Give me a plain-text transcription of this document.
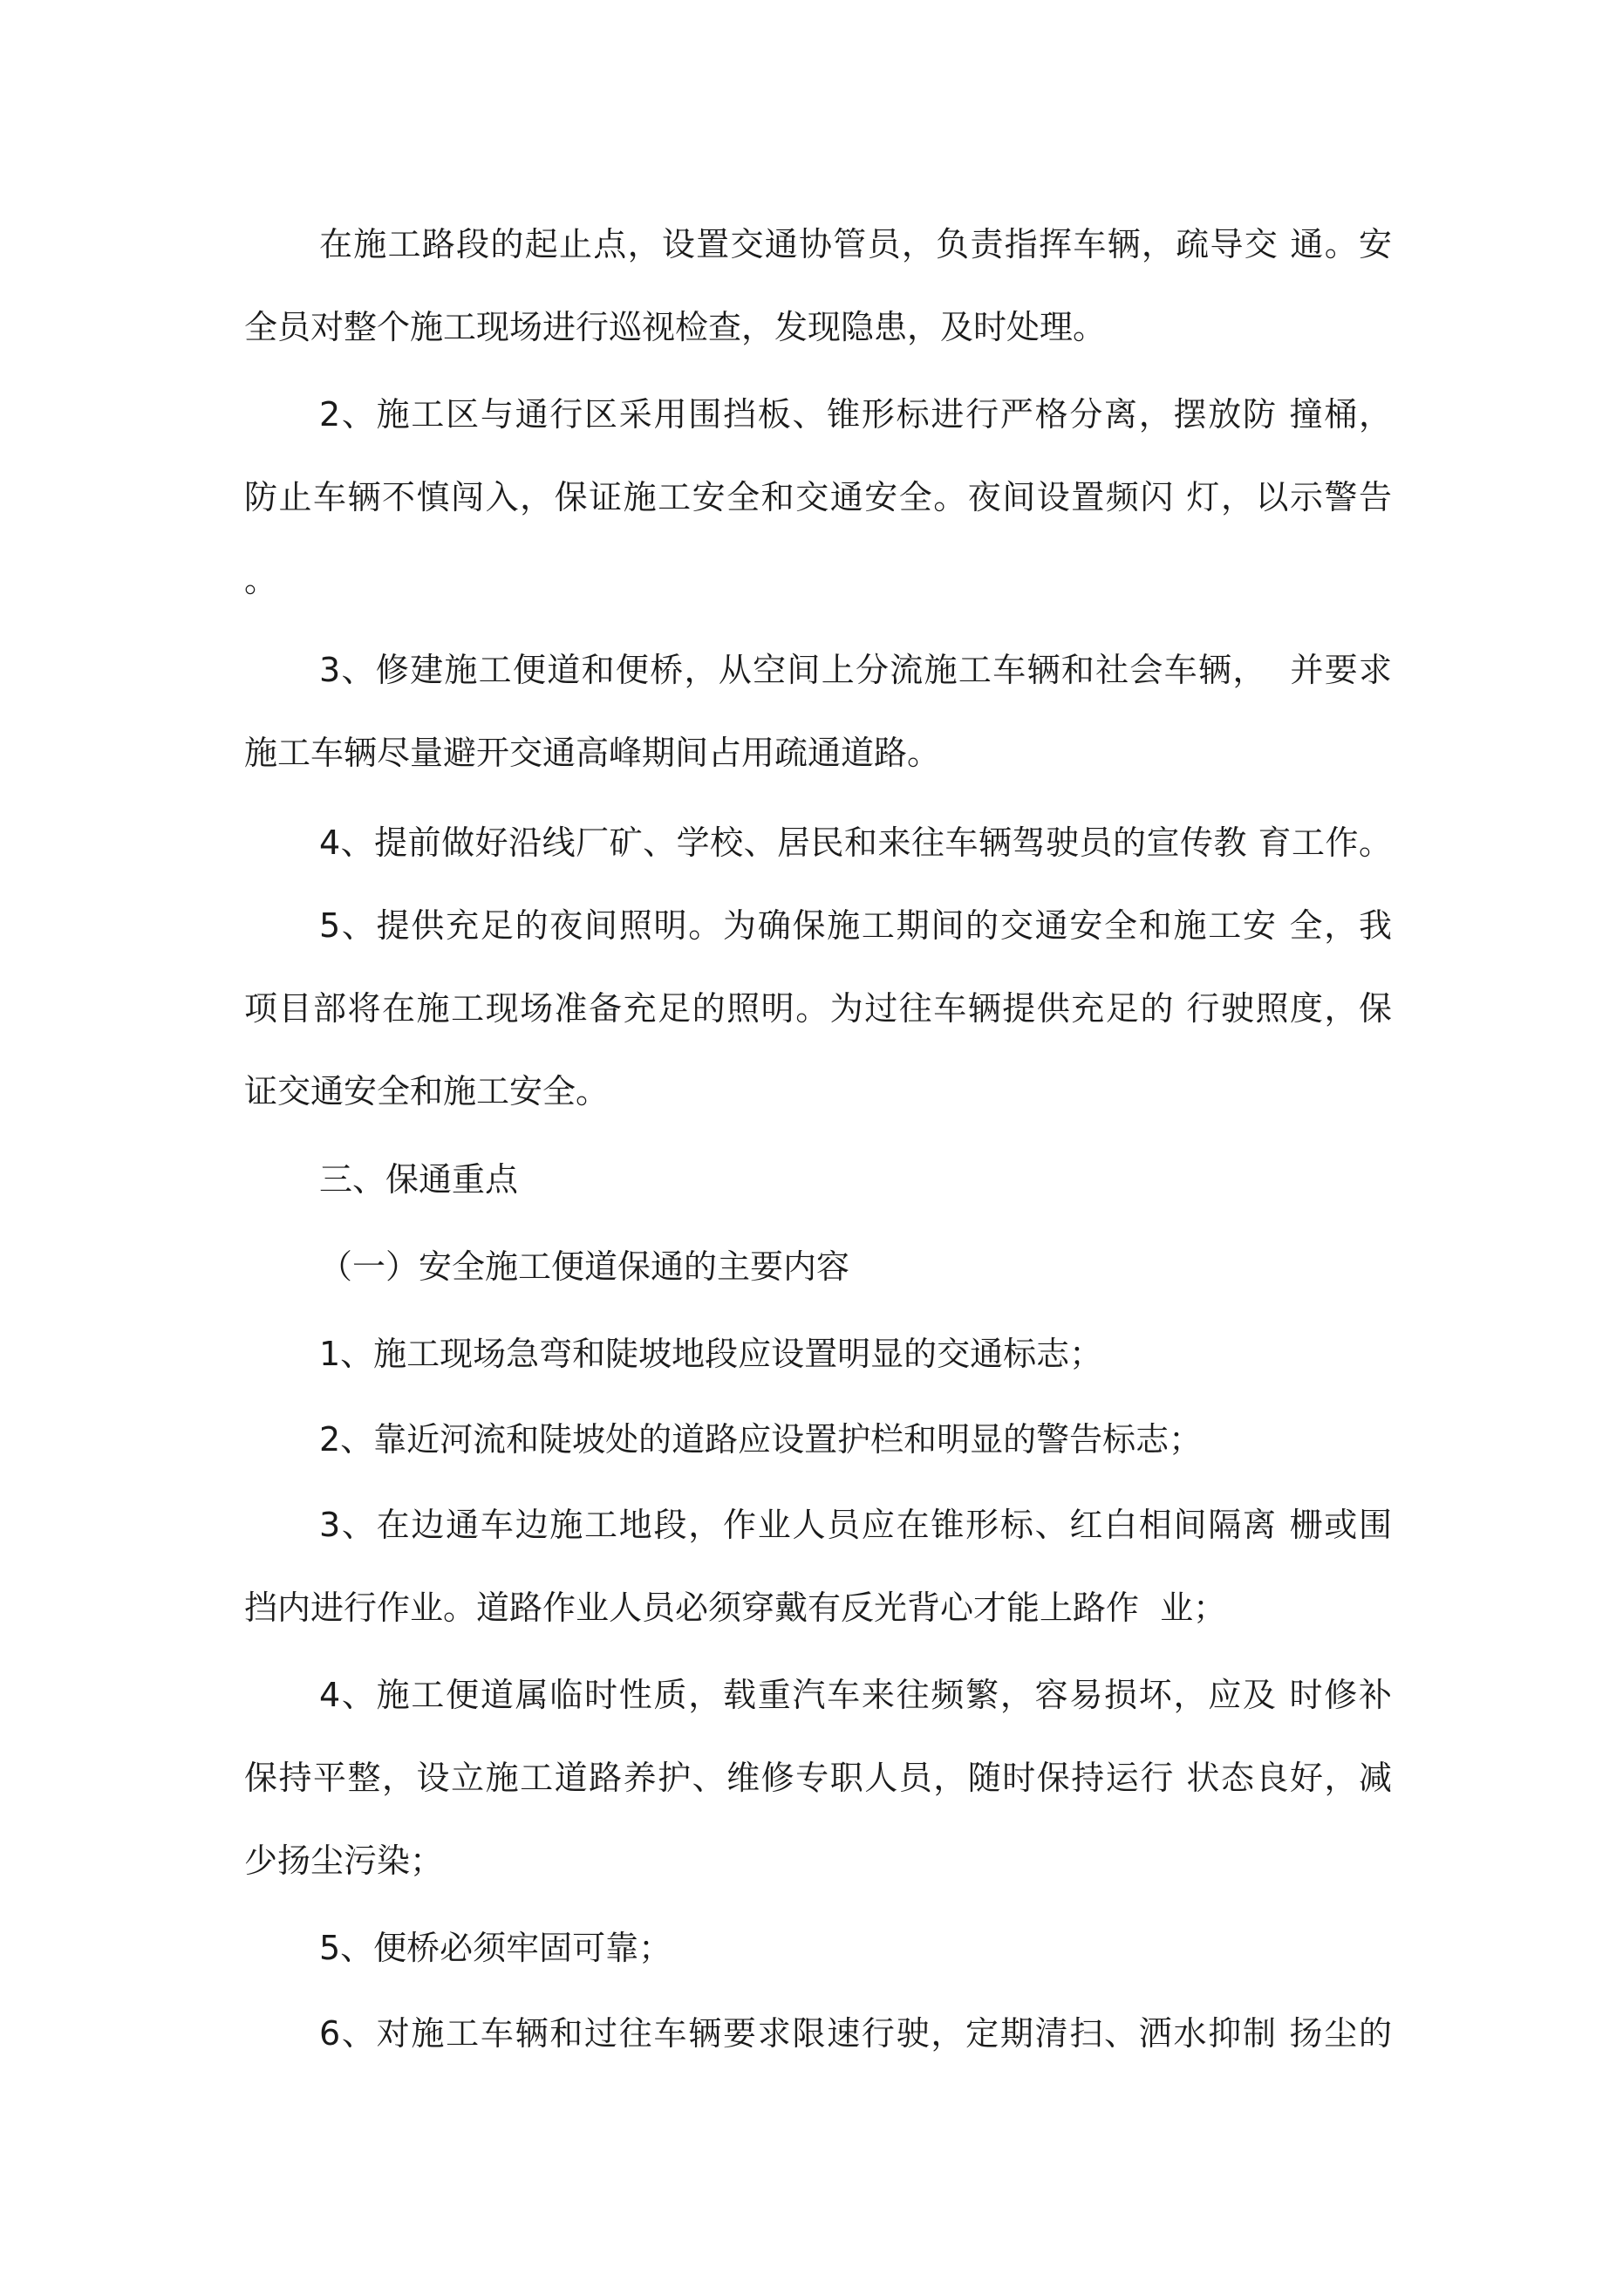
在施工路段的起止点，设置交通协管员，负责指挥车辆，疏导交 通。安

全员对整个施工现场进行巡视检查，发现隐患，及时处理。

2、施工区与通行区采用围挡板、锥形标进行严格分离，摆放防 撞桶，

防止车辆不慎闯入，保证施工安全和交通安全。夜间设置频闪 灯，以示警告

。

3、修建施工便道和便桥，从空间上分流施工车辆和社会车辆，  并要求

施工车辆尽量避开交通高峰期间占用疏通道路。

4、提前做好沿线厂矿、学校、居民和来往车辆驾驶员的宣传教 育工作。

5、提供充足的夜间照明。为确保施工期间的交通安全和施工安 全，我

项目部将在施工现场准备充足的照明。为过往车辆提供充足的 行驶照度，保

证交通安全和施工安全。

三、保通重点

（一）安全施工便道保通的主要内容

1、施工现场急弯和陡坡地段应设置明显的交通标志；

2、靠近河流和陡坡处的道路应设置护栏和明显的警告标志；

3、在边通车边施工地段，作业人员应在锥形标、红白相间隔离 栅或围

挡内进行作业。道路作业人员必须穿戴有反光背心才能上路作  业；

4、施工便道属临时性质，载重汽车来往频繁，容易损坏，应及 时修补

保持平整，设立施工道路养护、维修专职人员，随时保持运行 状态良好，减

少扬尘污染；

5、便桥必须牢固可靠；

6、对施工车辆和过往车辆要求限速行驶，定期清扫、洒水抑制 扬尘的
